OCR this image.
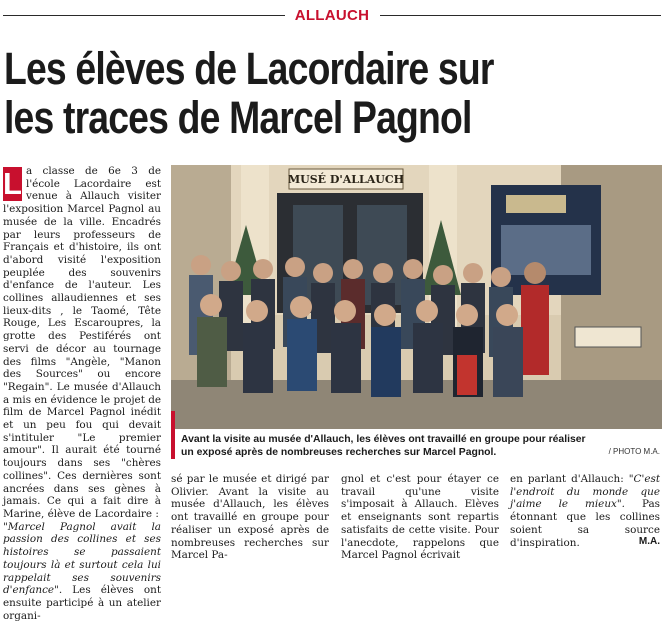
ALLAUCH
Les élèves de Lacordaire sur
les traces de Marcel Pagnol

L a classe de 6e 3 de l'école Lacordaire est venue à Allauch visiter l'exposition Marcel Pagnol au musée de la ville. Encadrés par leurs professeurs de Français et d'histoire, ils ont d'abord visité l'exposition peuplée des souvenirs d'enfance de l'auteur. Les collines allaudiennes et ses lieux-dits , le Taomé, Tête Rouge, Les Escaroupres, la grotte des Pestiférés ont servi de décor au tournage des films "Angèle, "Manon des Sources" ou encore "Regain". Le musée d'Allauch a mis en évidence le projet de film de Marcel Pagnol inédit et un peu fou qui devait s'intituler "Le premier amour". Il aurait été tourné toujours dans ses "chères collines". Ces dernières sont ancrées dans ses gènes à jamais. Ce qui a fait dire à Marine, élève de Lacordaire :
"Marcel Pagnol avait la passion des collines et ses histoires se passaient toujours là et surtout cela lui rappelait ses souvenirs d'enfance". Les élèves ont ensuite participé à un atelier organi-

MUSÉ D'ALLAUCH
Avant la visite au musée d'Allauch, les élèves ont travaillé en groupe pour réaliser un exposé après de nombreuses recherches sur Marcel Pagnol.	/ PHOTO M.A.
sé par le musée et dirigé par Olivier. Avant la visite au musée d'Allauch, les élèves ont travaillé en groupe pour réaliser un exposé après de nombreuses recherches sur Marcel Pa-
gnol et c'est pour étayer ce travail qu'une visite s'imposait à Allauch. Elèves et enseignants sont repartis satisfaits de cette visite. Pour l'anecdote, rappelons que Marcel Pagnol écrivait
en parlant d'Allauch: "C'est l'endroit du monde que j'aime le mieux". Pas étonnant que les collines soient sa source d'inspiration.	M.A.
